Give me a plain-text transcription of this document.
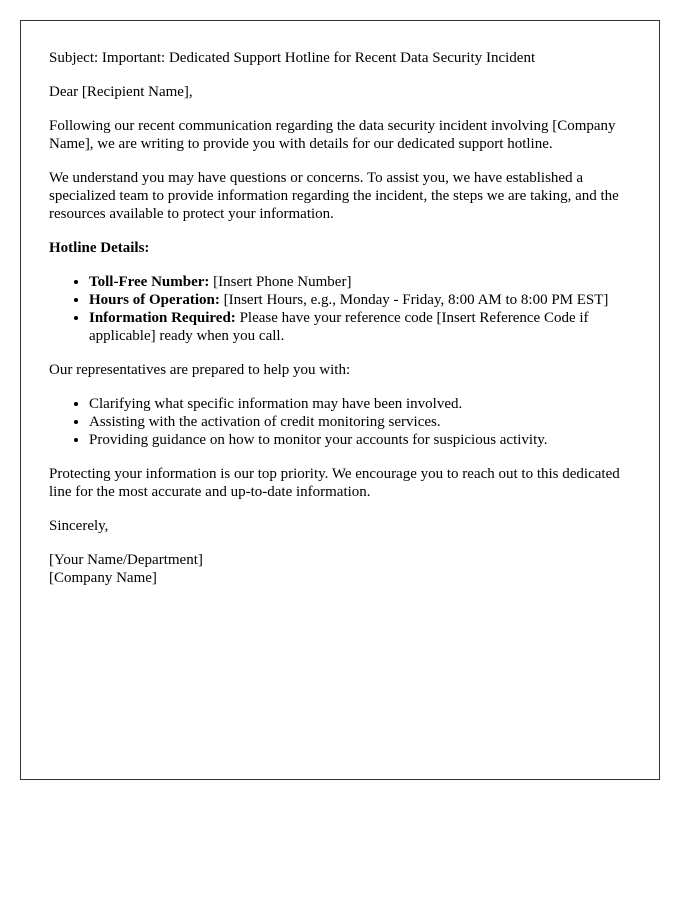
Subject: Important: Dedicated Support Hotline for Recent Data Security Incident

Dear [Recipient Name],

Following our recent communication regarding the data security incident involving [Company Name], we are writing to provide you with details for our dedicated support hotline.

We understand you may have questions or concerns. To assist you, we have established a specialized team to provide information regarding the incident, the steps we are taking, and the resources available to protect your information.

Hotline Details:

• Toll-Free Number: [Insert Phone Number]
• Hours of Operation: [Insert Hours, e.g., Monday - Friday, 8:00 AM to 8:00 PM EST]
• Information Required: Please have your reference code [Insert Reference Code if applicable] ready when you call.

Our representatives are prepared to help you with:

• Clarifying what specific information may have been involved.
• Assisting with the activation of credit monitoring services.
• Providing guidance on how to monitor your accounts for suspicious activity.

Protecting your information is our top priority. We encourage you to reach out to this dedicated line for the most accurate and up-to-date information.

Sincerely,

[Your Name/Department]
[Company Name]
